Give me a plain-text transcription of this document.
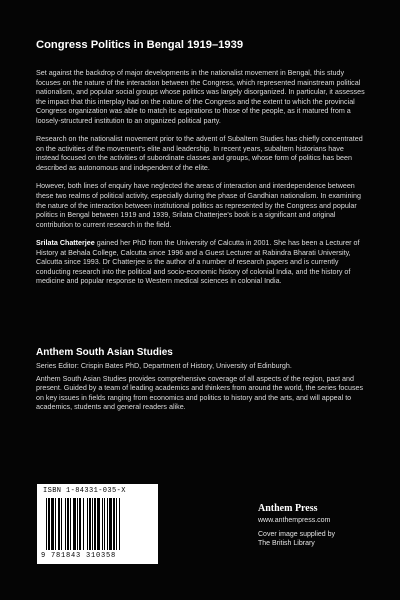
Congress Politics in Bengal 1919–1939

Set against the backdrop of major developments in the nationalist movement in Bengal, this study focuses on the nature of the interaction between the Congress, which represented mainstream political nationalism, and popular social groups whose politics was largely disorganized. In particular, it assesses the impact that this interplay had on the nature of the Congress and the extent to which the provincial Congress organization was able to match its aspirations to those of the people, as it matured from a loosely-structured institution to an organized political party.

Research on the nationalist movement prior to the advent of Subaltern Studies has chiefly concentrated on the activities of the movement's elite and leadership. In recent years, subaltern historians have instead focused on the activities of subordinate classes and groups, whose form of politics has been described as autonomous and independent of the elite.

However, both lines of enquiry have neglected the areas of interaction and interdependence between these two realms of political activity, especially during the phase of Gandhian nationalism. In examining the nature of the interaction between institutional politics as represented by the Congress and popular politics in Bengal between 1919 and 1939, Srilata Chatterjee's book is a significant and original contribution to current research in the field.

Srilata Chatterjee gained her PhD from the University of Calcutta in 2001. She has been a Lecturer of History at Behala College, Calcutta since 1996 and a Guest Lecturer at Rabindra Bharati University, Calcutta since 1993. Dr Chatterjee is the author of a number of research papers and is currently conducting research into the political and socio-economic history of colonial India, and the history of medicine and popular response to Western medical sciences in colonial India.

Anthem South Asian Studies

Series Editor: Crispin Bates PhD, Department of History, University of Edinburgh.

Anthem South Asian Studies provides comprehensive coverage of all aspects of the region, past and present. Guided by a team of leading academics and thinkers from around the world, the series focuses on key issues in fields ranging from economics and politics to history and the arts, and will appeal to academics, students and general readers alike.

ISBN 1-84331-035-X
9 781843 310358
Anthem Press
www.anthempress.com
Cover image supplied by
The British Library
